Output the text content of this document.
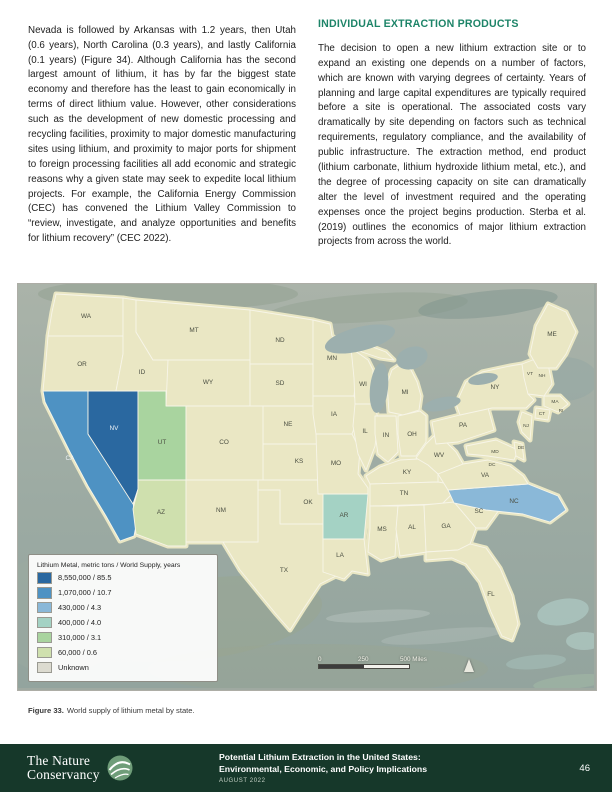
Nevada is followed by Arkansas with 1.2 years, then Utah (0.6 years), North Carolina (0.3 years), and lastly California (0.1 years) (Figure 34). Although California has the second largest amount of lithium, it has by far the biggest state economy and therefore has the least to gain economically in terms of direct lithium value. However, other considerations such as the development of new domestic processing and recycling facilities, proximity to major domestic manufacturing sites using lithium, and proximity to major ports for shipment to foreign processing facilities all add economic and strategic reasons why a given state may seek to expedite local lithium projects. For example, the California Energy Commission (CEC) has convened the Lithium Valley Commission to “review, investigate, and analyze opportunities and benefits for lithium recovery” (CEC 2022).

INDIVIDUAL EXTRACTION PRODUCTS

The decision to open a new lithium extraction site or to expand an existing one depends on a number of factors, which are known with varying degrees of certainty. Years of planning and large capital expenditures are typically required before a site is operational. The associated costs vary dramatically by site depending on factors such as technical requirements, regulatory compliance, and the availability of public infrastructure. The extraction method, end product (lithium carbonate, lithium hydroxide lithium metal, etc.), and the degree of processing capacity on site can dramatically alter the level of investment required and the operating expenses once the project begins production. Sterba et al. (2019) outlines the economics of major lithium extraction projects from across the world.

WA
OR
ID
MT
WY
ND
SD
NE
KS
OK
TX
CA
NV
UT	CO
AZ	NM
MN
IA
MO
AR
LA
WI
IL
MI
IN	OH
KY
TN
MS	AL	GA
FL
SC
NC
VA
WV
PA
NY
NJ
ME
VT NH
MA
CT
RI
MD
DE
DC
Lithium Metal, metric tons / World Supply, years
8,550,000 / 85.5
1,070,000 / 10.7
430,000 / 4.3
400,000 / 4.0
310,000 / 3.1
60,000 / 0.6
Unknown
0	250	500 Miles

Figure 33. World supply of lithium metal by state.

The Nature
Conservancy
Potential Lithium Extraction in the United States:
Environmental, Economic, and Policy Implications
AUGUST 2022
46
